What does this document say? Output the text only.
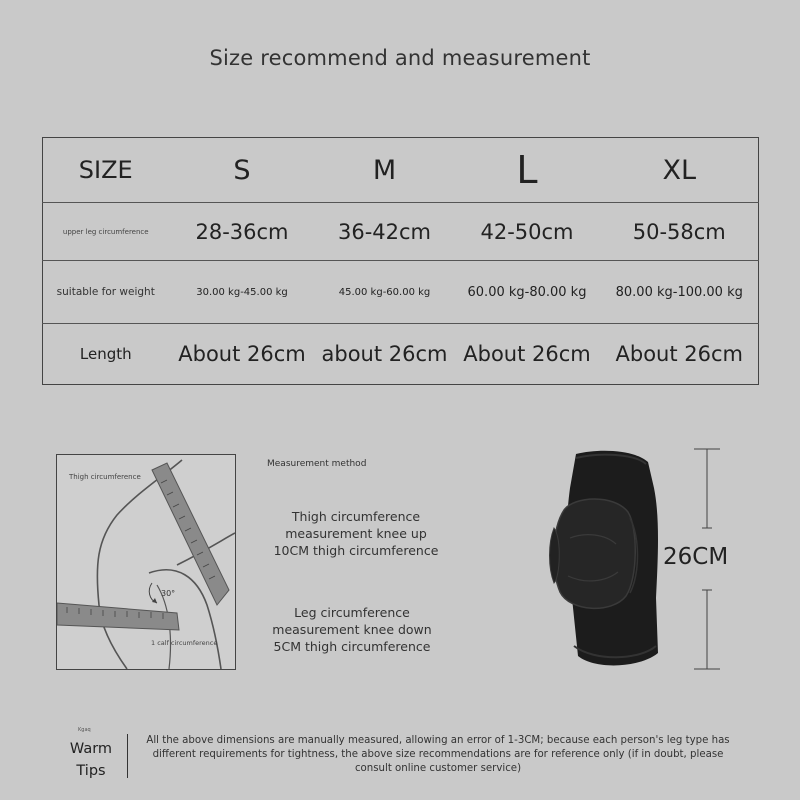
Size recommend and measurement
SIZE	S	M	L	XL
upper leg circumference	28-36cm	36-42cm	42-50cm	50-58cm
suitable for weight	30.00 kg-45.00 kg	45.00 kg-60.00 kg	60.00 kg-80.00 kg	80.00 kg-100.00 kg
Length	About 26cm	about 26cm	About 26cm	About 26cm
Thigh circumference
30°
1 calf circumference
Measurement method
Thigh circumference
measurement knee up
10CM thigh circumference
Leg circumference
measurement knee down
5CM thigh circumference
26CM
Kgaq
Warm
Tips
All the above dimensions are manually measured, allowing an error of 1-3CM; because each person's leg type has
different requirements for tightness, the above size recommendations are for reference only (if in doubt, please
consult online customer service)
